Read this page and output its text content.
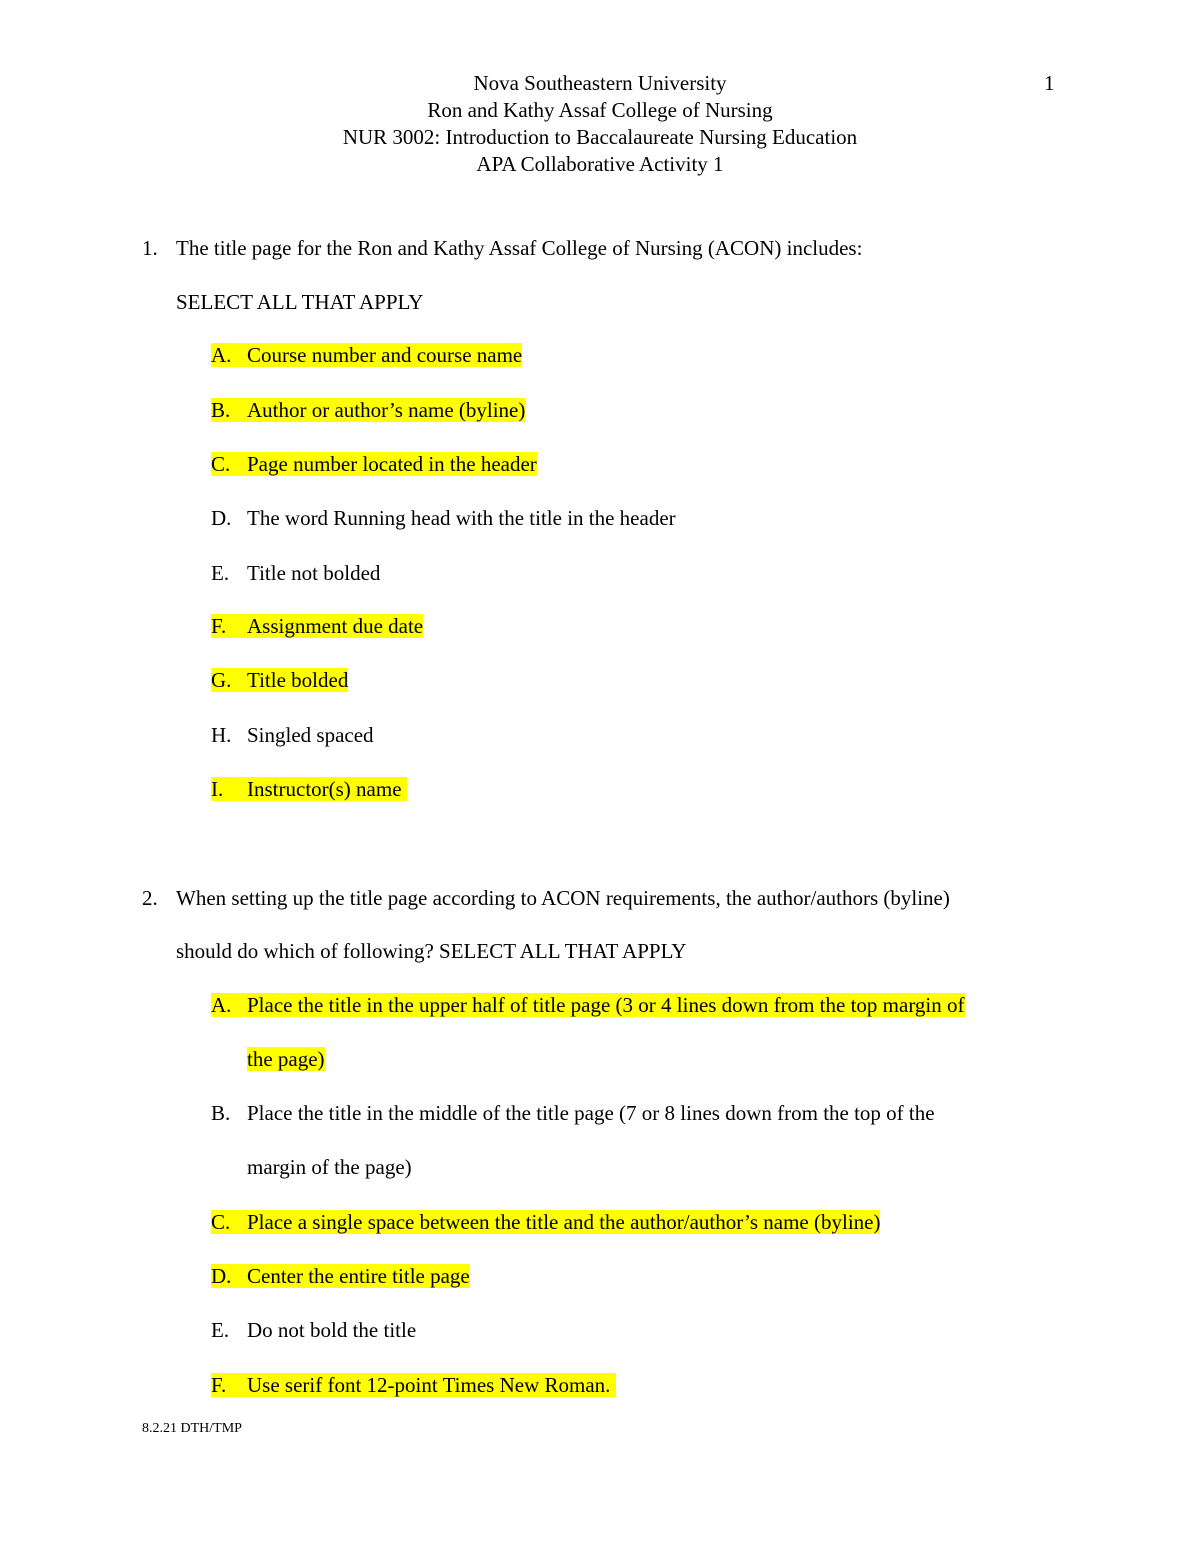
Nova Southeastern University
Ron and Kathy Assaf College of Nursing
NUR 3002: Introduction to Baccalaureate Nursing Education
APA Collaborative Activity 1
1
1. The title page for the Ron and Kathy Assaf College of Nursing (ACON) includes:
SELECT ALL THAT APPLY
A. Course number and course name
B. Author or author’s name (byline)
C. Page number located in the header
D. The word Running head with the title in the header
E. Title not bolded
F. Assignment due date
G. Title bolded
H. Singled spaced
I. Instructor(s) name
2. When setting up the title page according to ACON requirements, the author/authors (byline)
should do which of following? SELECT ALL THAT APPLY
A. Place the title in the upper half of title page (3 or 4 lines down from the top margin of
the page)
B. Place the title in the middle of the title page (7 or 8 lines down from the top of the
margin of the page)
C. Place a single space between the title and the author/author’s name (byline)
D. Center the entire title page
E. Do not bold the title
F. Use serif font 12-point Times New Roman.
8.2.21 DTH/TMP
